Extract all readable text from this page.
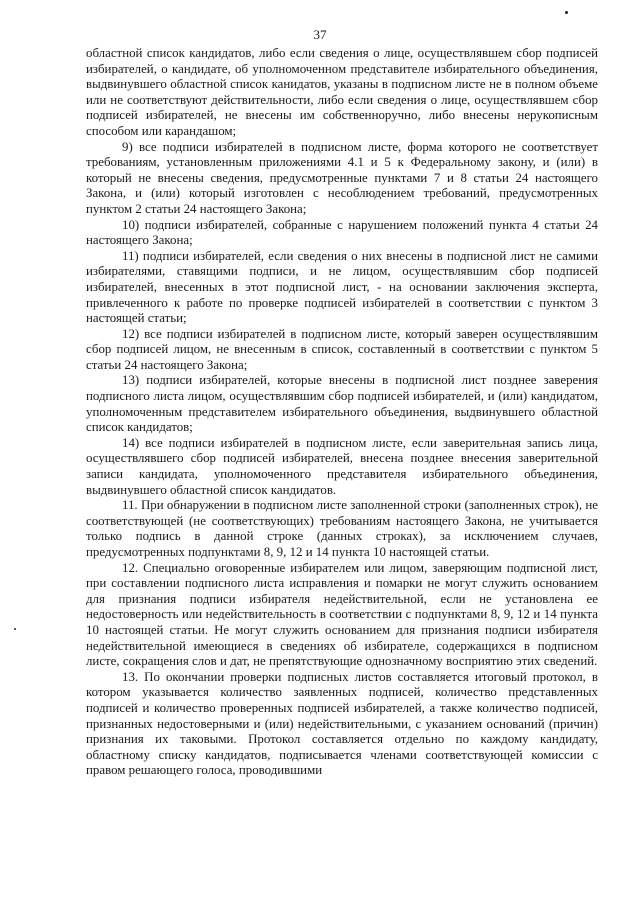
37

областной список кандидатов, либо если сведения о лице, осуществлявшем сбор подписей избирателей, о кандидате, об уполномоченном представителе избирательного объединения, выдвинувшего областной список канидатов, указаны в подписном листе не в полном объеме или не соответствуют действительности, либо если сведения о лице, осуществлявшем сбор подписей избирателей, не внесены им собственноручно, либо внесены нерукописным способом или карандашом;

9) все подписи избирателей в подписном листе, форма которого не соответствует требованиям, установленным приложениями 4.1 и 5 к Федеральному закону, и (или) в который не внесены сведения, предусмотренные пунктами 7 и 8 статьи 24 настоящего Закона, и (или) который изготовлен с несоблюдением требований, предусмотренных пунктом 2 статьи 24 настоящего Закона;

10) подписи избирателей, собранные с нарушением положений пункта 4 статьи 24 настоящего Закона;

11) подписи избирателей, если сведения о них внесены в подписной лист не самими избирателями, ставящими подписи, и не лицом, осуществлявшим сбор подписей избирателей, внесенных в этот подписной лист, - на основании заключения эксперта, привлеченного к работе по проверке подписей избирателей в соответствии с пунктом 3 настоящей статьи;

12) все подписи избирателей в подписном листе, который заверен осуществлявшим сбор подписей лицом, не внесенным в список, составленный в соответствии с пунктом 5 статьи 24 настоящего Закона;

13) подписи избирателей, которые внесены в подписной лист позднее заверения подписного листа лицом, осуществлявшим сбор подписей избирателей, и (или) кандидатом, уполномоченным представителем избирательного объединения, выдвинувшего областной список кандидатов;

14) все подписи избирателей в подписном листе, если заверительная запись лица, осуществлявшего сбор подписей избирателей, внесена позднее внесения заверительной записи кандидата, уполномоченного представителя избирательного объединения, выдвинувшего областной список кандидатов.

11. При обнаружении в подписном листе заполненной строки (заполненных строк), не соответствующей (не соответствующих) требованиям настоящего Закона, не учитывается только подпись в данной строке (данных строках), за исключением случаев, предусмотренных подпунктами 8, 9, 12 и 14 пункта 10 настоящей статьи.

12. Специально оговоренные избирателем или лицом, заверяющим подписной лист, при составлении подписного листа исправления и помарки не могут служить основанием для признания подписи избирателя недействительной, если не установлена ее недостоверность или недействительность в соответствии с подпунктами 8, 9, 12 и 14 пункта 10 настоящей статьи. Не могут служить основанием для признания подписи избирателя недействительной имеющиеся в сведениях об избирателе, содержащихся в подписном листе, сокращения слов и дат, не препятствующие однозначному восприятию этих сведений.

13. По окончании проверки подписных листов составляется итоговый протокол, в котором указывается количество заявленных подписей, количество представленных подписей и количество проверенных подписей избирателей, а также количество подписей, признанных недостоверными и (или) недействительными, с указанием оснований (причин) признания их таковыми. Протокол составляется отдельно по каждому кандидату, областному списку кандидатов, подписывается членами соответствующей комиссии с правом решающего голоса, проводившими
